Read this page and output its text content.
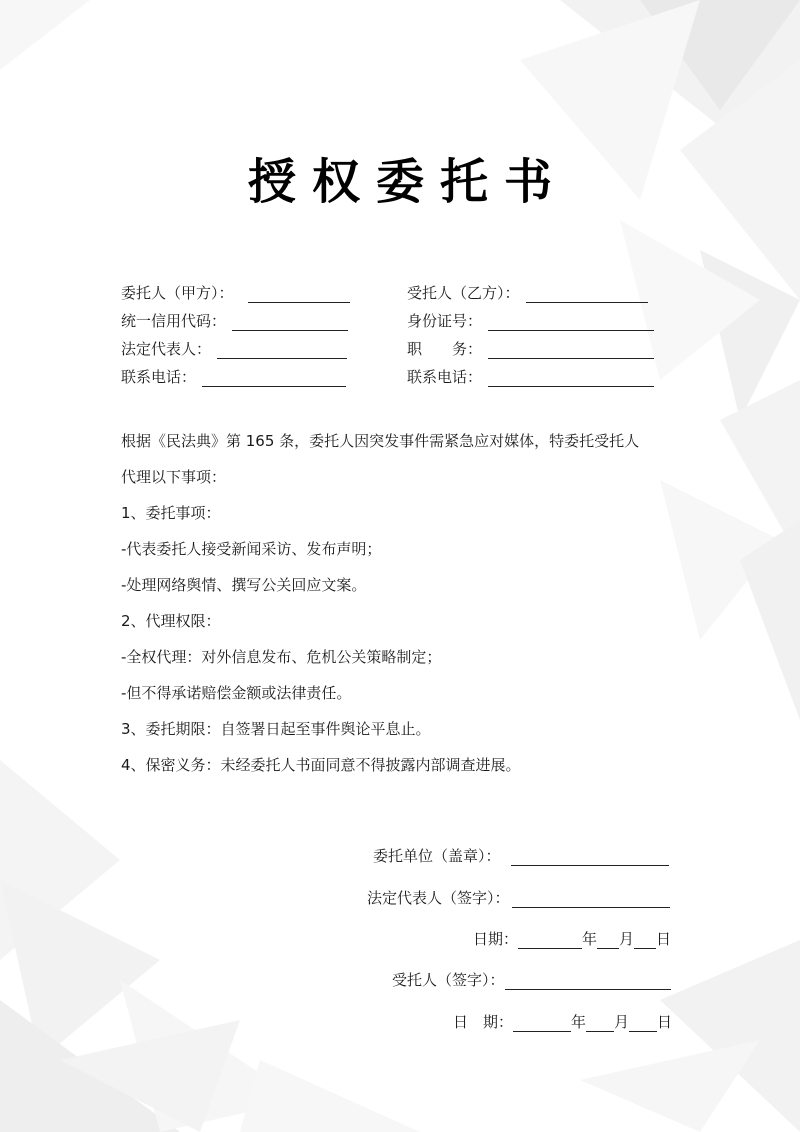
授 权 委 托 书
委托人（甲方）：
统一信用代码：
法定代表人：
联系电话：
受托人（乙方）：
身份证号：
职　　务：
联系电话：
根据《民法典》第 165 条，委托人因突发事件需紧急应对媒体，特委托受托人
代理以下事项：
1、委托事项：
-代表委托人接受新闻采访、发布声明；
-处理网络舆情、撰写公关回应文案。
2、代理权限：
-全权代理：对外信息发布、危机公关策略制定；
-但不得承诺赔偿金额或法律责任。
3、委托期限：自签署日起至事件舆论平息止。
4、保密义务：未经委托人书面同意不得披露内部调查进展。
委托单位（盖章）：
法定代表人（签字）：
日期：	年 月 日
受托人（签字）：
日　期：	年 月 日
